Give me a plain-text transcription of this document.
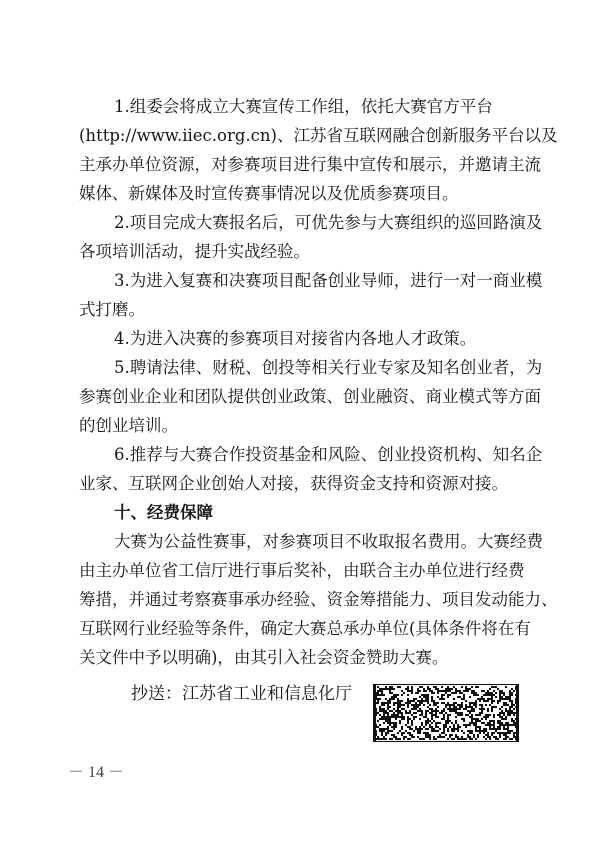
1.组委会将成立大赛宣传工作组，依托大赛官方平台
(http://www.iiec.org.cn)、江苏省互联网融合创新服务平台以及
主承办单位资源，对参赛项目进行集中宣传和展示，并邀请主流
媒体、新媒体及时宣传赛事情况以及优质参赛项目。
2.项目完成大赛报名后，可优先参与大赛组织的巡回路演及
各项培训活动，提升实战经验。
3.为进入复赛和决赛项目配备创业导师，进行一对一商业模
式打磨。
4.为进入决赛的参赛项目对接省内各地人才政策。
5.聘请法律、财税、创投等相关行业专家及知名创业者，为
参赛创业企业和团队提供创业政策、创业融资、商业模式等方面
的创业培训。
6.推荐与大赛合作投资基金和风险、创业投资机构、知名企
业家、互联网企业创始人对接，获得资金支持和资源对接。
十、经费保障
大赛为公益性赛事，对参赛项目不收取报名费用。大赛经费
由主办单位省工信厅进行事后奖补，由联合主办单位进行经费
筹措，并通过考察赛事承办经验、资金筹措能力、项目发动能力、
互联网行业经验等条件，确定大赛总承办单位(具体条件将在有
关文件中予以明确)，由其引入社会资金赞助大赛。
抄送：江苏省工业和信息化厅
－ 14 －
